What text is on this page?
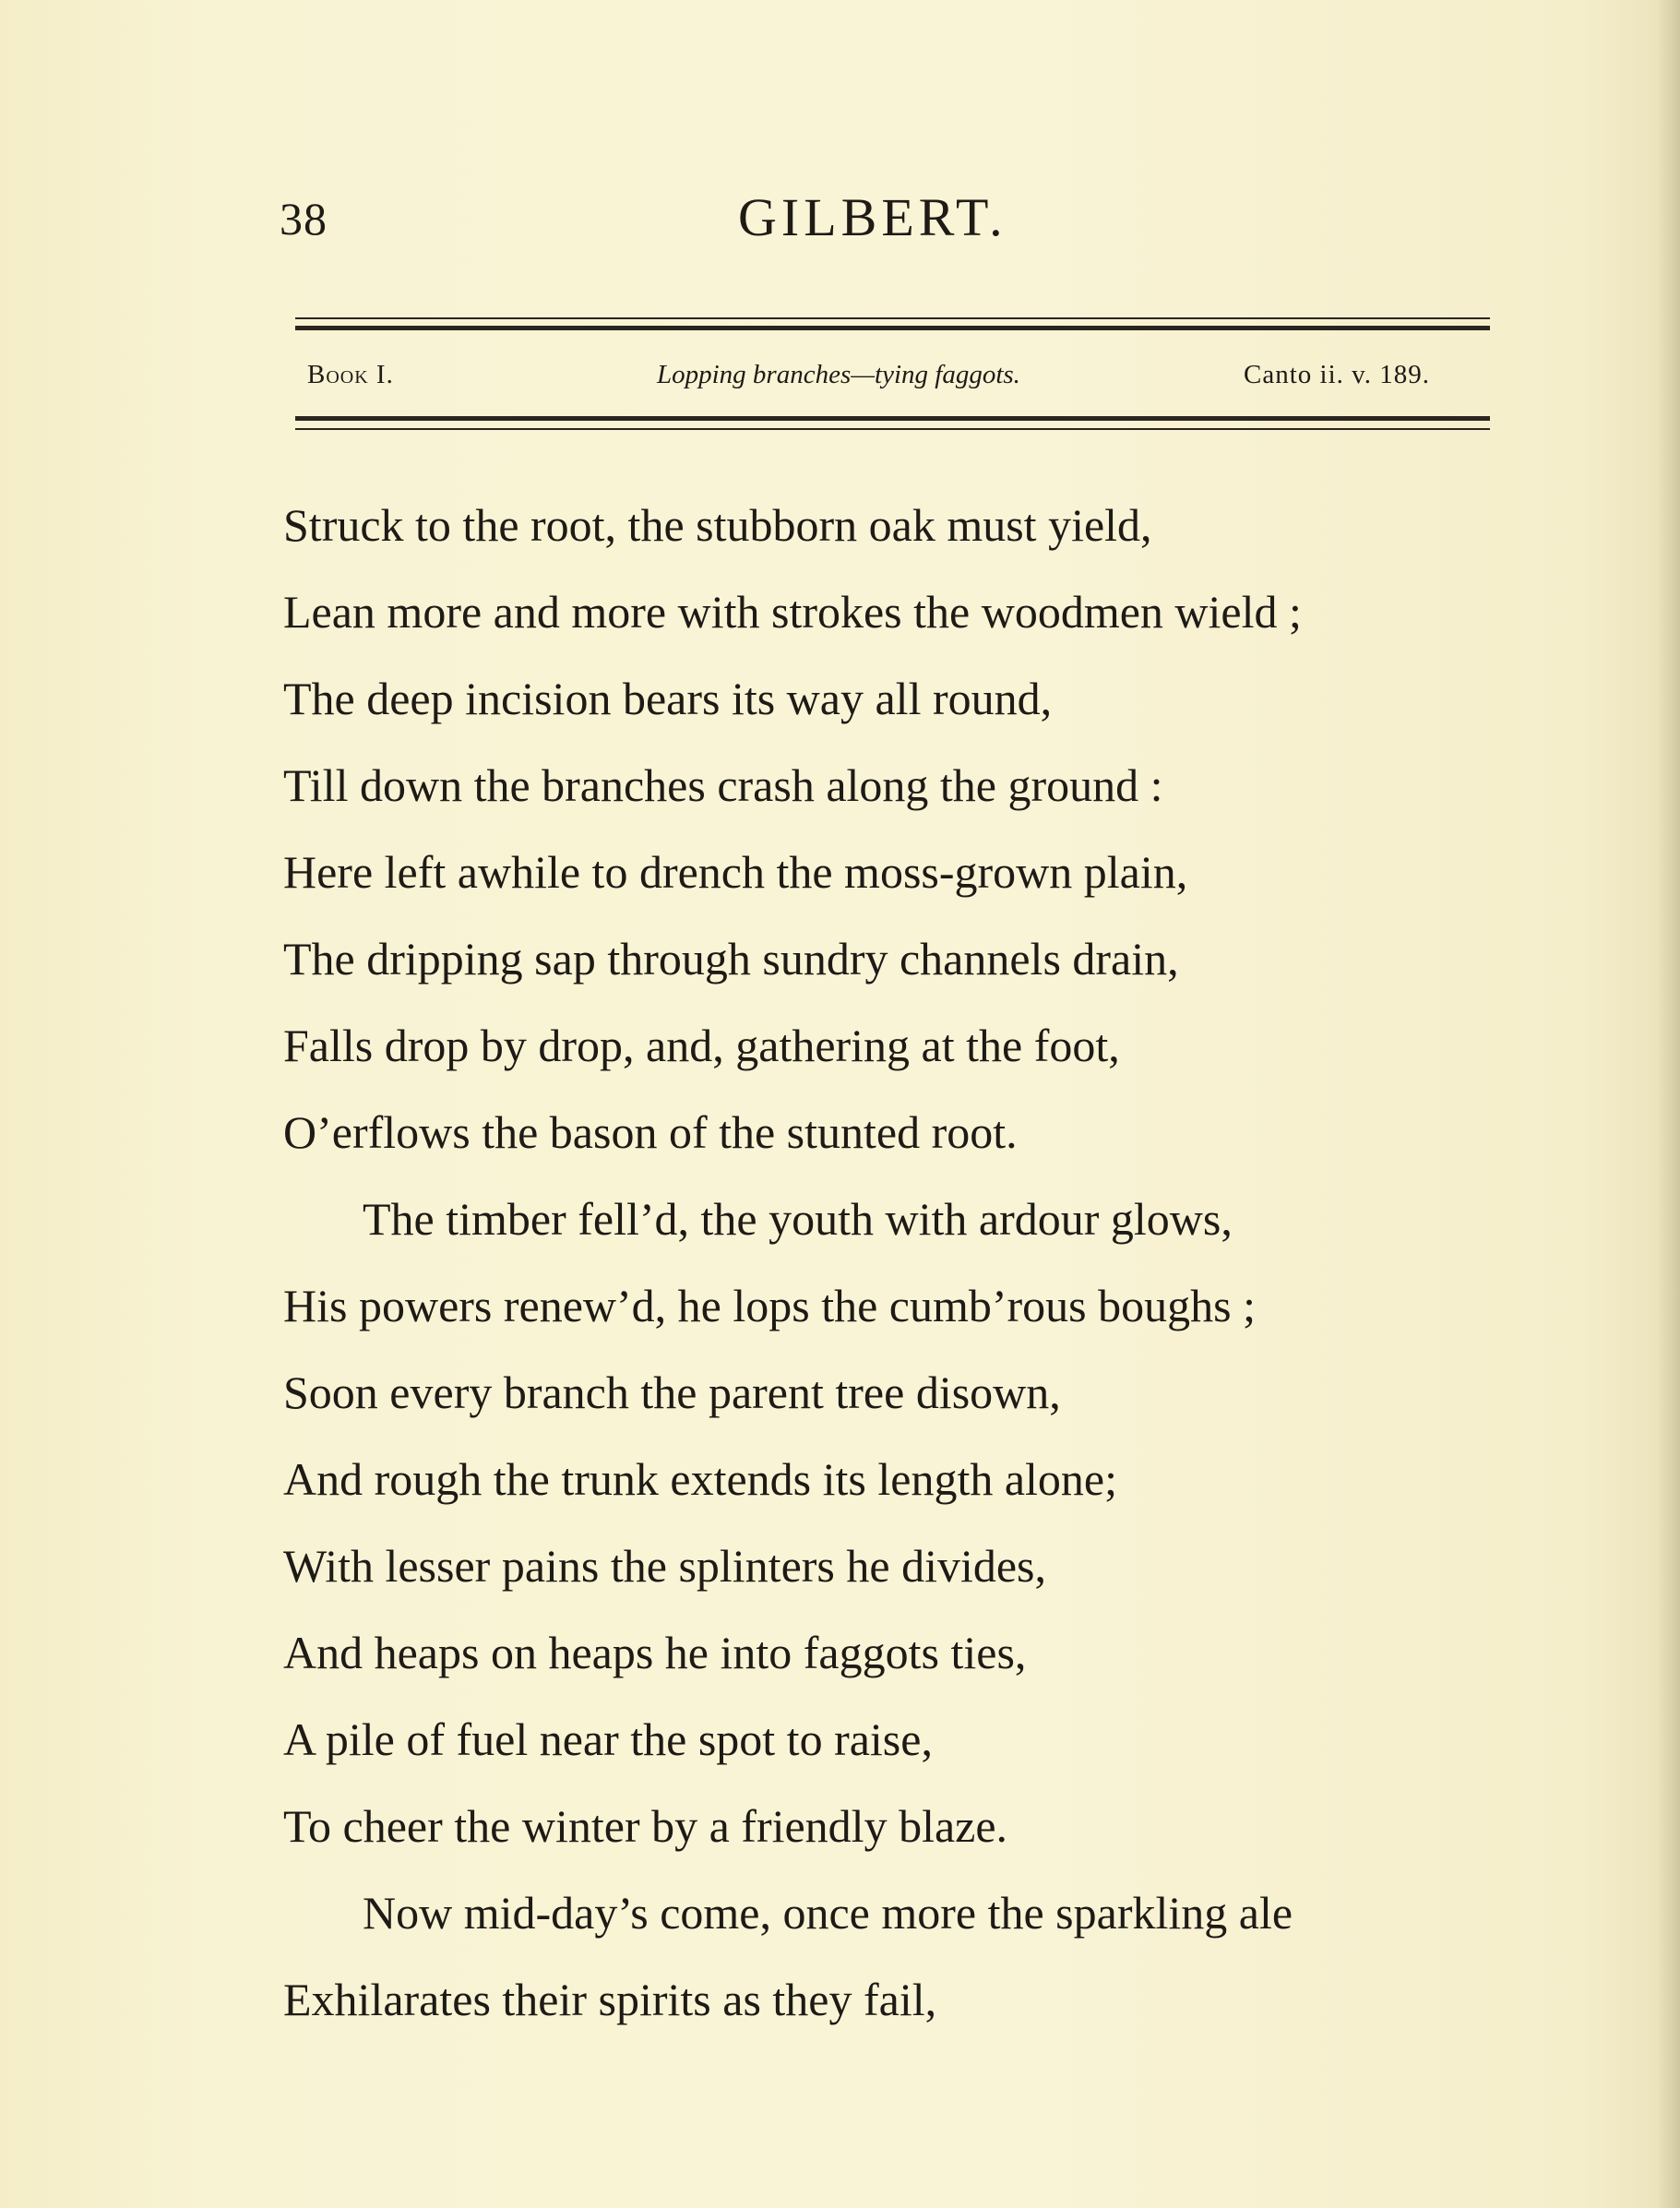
38	GILBERT.
Book I.	Lopping branches—tying faggots.	Canto ii. v. 189.
Struck to the root, the stubborn oak must yield,
Lean more and more with strokes the woodmen wield ;
The deep incision bears its way all round,
Till down the branches crash along the ground :
Here left awhile to drench the moss-grown plain,
The dripping sap through sundry channels drain,
Falls drop by drop, and, gathering at the foot,
O’erflows the bason of the stunted root.
The timber fell’d, the youth with ardour glows,
His powers renew’d, he lops the cumb’rous boughs ;
Soon every branch the parent tree disown,
And rough the trunk extends its length alone;
With lesser pains the splinters he divides,
And heaps on heaps he into faggots ties,
A pile of fuel near the spot to raise,
To cheer the winter by a friendly blaze.
Now mid-day’s come, once more the sparkling ale
Exhilarates their spirits as they fail,
